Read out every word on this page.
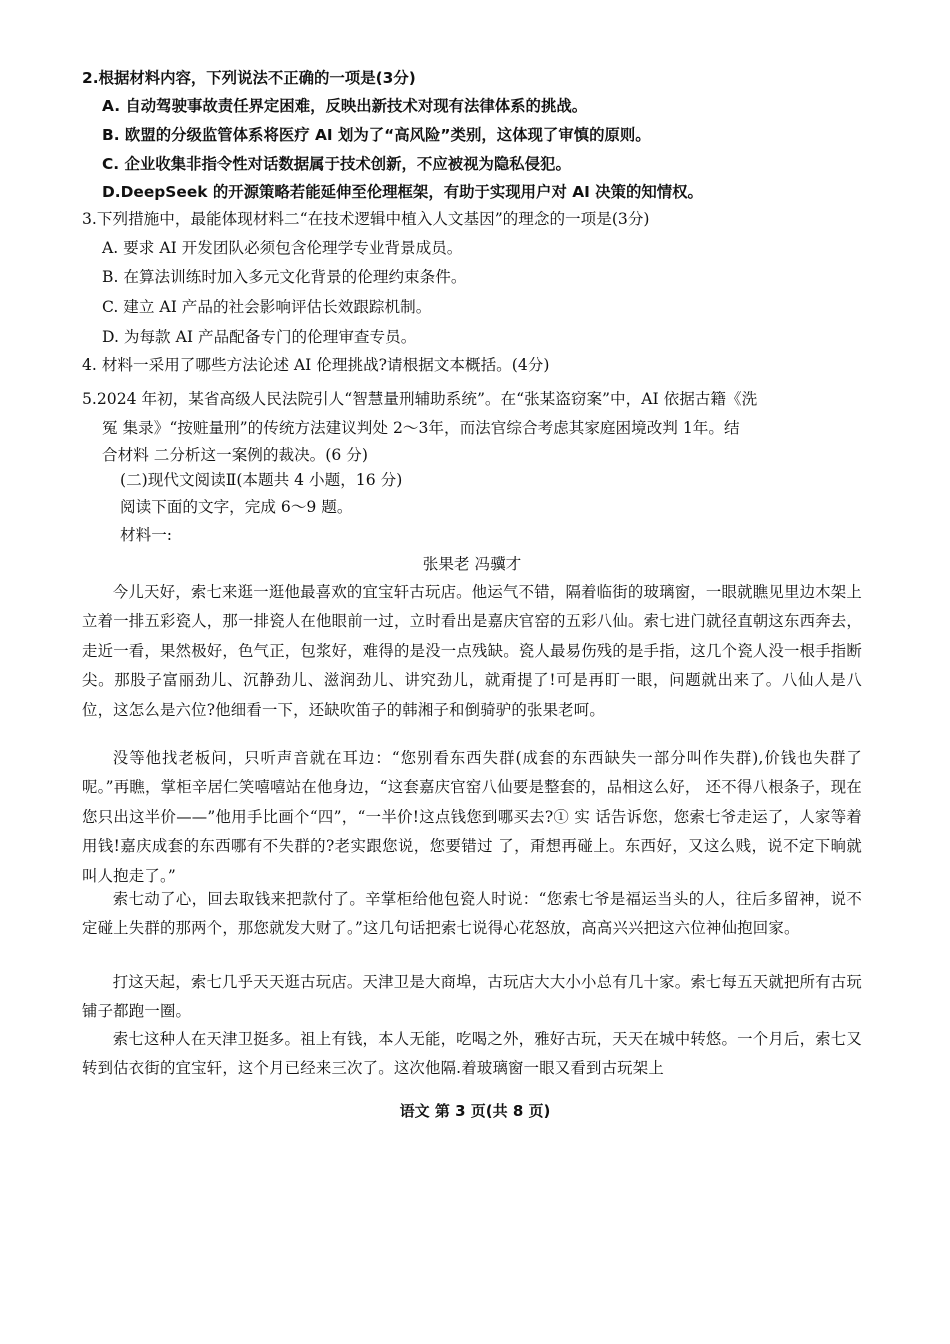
2.根据材料内容，下列说法不正确的一项是(3分)
A. 自动驾驶事故责任界定困难，反映出新技术对现有法律体系的挑战。
B. 欧盟的分级监管体系将医疗 AI 划为了“高风险”类别，这体现了审慎的原则。
C. 企业收集非指令性对话数据属于技术创新，不应被视为隐私侵犯。
D.DeepSeek 的开源策略若能延伸至伦理框架，有助于实现用户对 AI 决策的知情权。
3.下列措施中，最能体现材料二“在技术逻辑中植入人文基因”的理念的一项是(3分)
A. 要求 AI 开发团队必须包含伦理学专业背景成员。
B. 在算法训练时加入多元文化背景的伦理约束条件。
C. 建立 AI 产品的社会影响评估长效跟踪机制。
D. 为每款 AI 产品配备专门的伦理审查专员。
4. 材料一采用了哪些方法论述 AI 伦理挑战?请根据文本概括。(4分)
5.2024 年初，某省高级人民法院引人“智慧量刑辅助系统”。在“张某盗窃案”中，AI 依据古籍《洗
冤 集录》“按赃量刑”的传统方法建议判处 2～3年，而法官综合考虑其家庭困境改判 1年。结
合材料 二分析这一案例的裁决。(6 分)
(二)现代文阅读Ⅱ(本题共 4 小题，16 分)
阅读下面的文字，完成 6～9 题。
材料一:
张果老 冯骥才
今儿天好，索七来逛一逛他最喜欢的宜宝轩古玩店。他运气不错，隔着临街的玻璃窗，一眼就瞧见里边木架上立着一排五彩瓷人，那一排瓷人在他眼前一过，立时看出是嘉庆官窑的五彩八仙。索七进门就径直朝这东西奔去，走近一看，果然极好，色气正，包浆好，难得的是没一点残缺。瓷人最易伤残的是手指，这几个瓷人没一根手指断尖。那股子富丽劲儿、沉静劲儿、滋润劲儿、讲究劲儿，就甭提了!可是再盯一眼，问题就出来了。八仙人是八位，这怎么是六位?他细看一下，还缺吹笛子的韩湘子和倒骑驴的张果老呵。
没等他找老板问，只听声音就在耳边：“您别看东西失群(成套的东西缺失一部分叫作失群),价钱也失群了呢。”再瞧，掌柜辛居仁笑嘻嘻站在他身边，“这套嘉庆官窑八仙要是整套的，品相这么好， 还不得八根条子，现在您只出这半价——”他用手比画个“四”，“一半价!这点钱您到哪买去?① 实 话告诉您，您索七爷走运了，人家等着用钱!嘉庆成套的东西哪有不失群的?老实跟您说，您要错过 了，甭想再碰上。东西好，又这么贱，说不定下晌就叫人抱走了。”
索七动了心，回去取钱来把款付了。辛掌柜给他包瓷人时说：“您索七爷是福运当头的人，往后多留神，说不定碰上失群的那两个，那您就发大财了。”这几句话把索七说得心花怒放，高高兴兴把这六位神仙抱回家。
打这天起，索七几乎天天逛古玩店。天津卫是大商埠，古玩店大大小小总有几十家。索七每五天就把所有古玩铺子都跑一圈。
索七这种人在天津卫挺多。祖上有钱，本人无能，吃喝之外，雅好古玩，天天在城中转悠。一个月后，索七又转到估衣街的宜宝轩，这个月已经来三次了。这次他隔.着玻璃窗一眼又看到古玩架上
语文 第 3 页(共 8 页)
